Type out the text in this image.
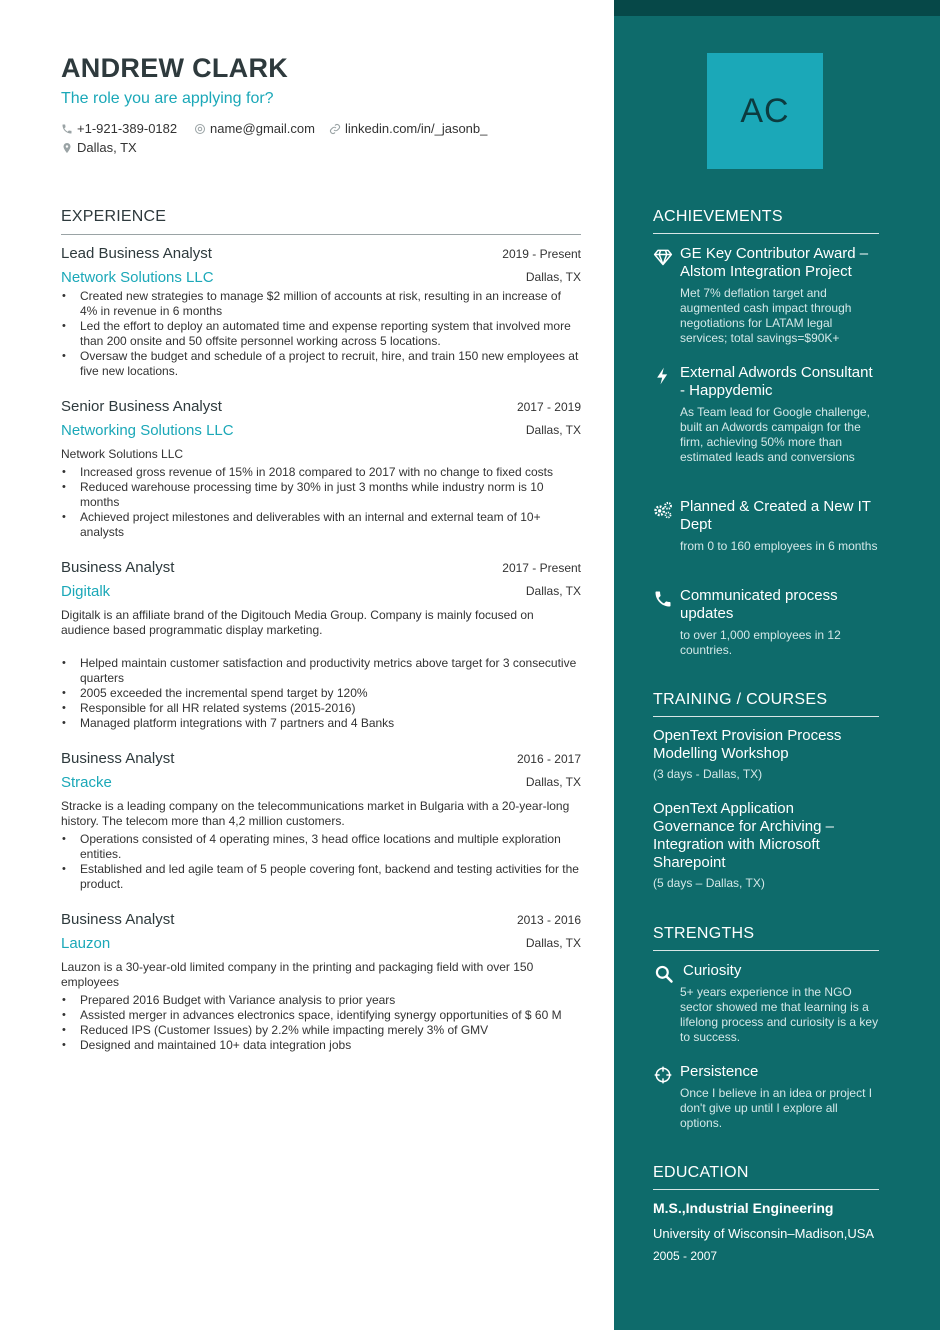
ANDREW CLARK
The role you are applying for?
+1-921-389-0182	name@gmail.com linkedin.com/in/_jasonb_
Dallas, TX
EXPERIENCE
Lead Business Analyst	2019 - Present
Network Solutions LLC	Dallas, TX
• Created new strategies to manage $2 million of accounts at risk, resulting in an increase of 4% in revenue in 6 months
• Led the effort to deploy an automated time and expense reporting system that involved more than 200 onsite and 50 offsite personnel working across 5 locations.
• Oversaw the budget and schedule of a project to recruit, hire, and train 150 new employees at five new locations.
Senior Business Analyst	2017 - 2019
Networking Solutions LLC	Dallas, TX

Network Solutions LLC

• Increased gross revenue of 15% in 2018 compared to 2017 with no change to fixed costs
• Reduced warehouse processing time by 30% in just 3 months while industry norm is 10 months
• Achieved project milestones and deliverables with an internal and external team of 10+ analysts
Business Analyst	2017 - Present
Digitalk	Dallas, TX

Digitalk is an affiliate brand of the Digitouch Media Group. Company is mainly focused on audience based programmatic display marketing.

• Helped maintain customer satisfaction and productivity metrics above target for 3 consecutive quarters
• 2005 exceeded the incremental spend target by 120%
• Responsible for all HR related systems (2015-2016)
• Managed platform integrations with 7 partners and 4 Banks
Business Analyst	2016 - 2017
Stracke	Dallas, TX

Stracke is a leading company on the telecommunications market in Bulgaria with a 20-year-long history. The telecom more than 4,2 million customers.

• Operations consisted of 4 operating mines, 3 head office locations and multiple exploration entities.
• Established and led agile team of 5 people covering font, backend and testing activities for the product.
Business Analyst	2013 - 2016
Lauzon	Dallas, TX

Lauzon is a 30-year-old limited company in the printing and packaging field with over 150 employees

• Prepared 2016 Budget with Variance analysis to prior years
• Assisted merger in advances electronics space, identifying synergy opportunities of $ 60 M
• Reduced IPS (Customer Issues) by 2.2% while impacting merely 3% of GMV
• Designed and maintained 10+ data integration jobs
AC
ACHIEVEMENTS
GE Key Contributor Award – Alstom Integration Project
Met 7% deflation target and augmented cash impact through negotiations for LATAM legal services; total savings=$90K+
External Adwords Consultant - Happydemic
As Team lead for Google challenge, built an Adwords campaign for the firm, achieving 50% more than estimated leads and conversions
Planned & Created a New IT Dept
from 0 to 160 employees in 6 months
Communicated process updates
to over 1,000 employees in 12 countries.
TRAINING / COURSES
OpenText Provision Process Modelling Workshop
(3 days - Dallas, TX)
OpenText Application Governance for Archiving – Integration with Microsoft Sharepoint
(5 days – Dallas, TX)
STRENGTHS
Curiosity
5+ years experience in the NGO sector showed me that learning is a lifelong process and curiosity is a key to success.
Persistence
Once I believe in an idea or project I don't give up until I explore all options.
EDUCATION
M.S.,Industrial Engineering
University of Wisconsin–Madison,USA
2005 - 2007
